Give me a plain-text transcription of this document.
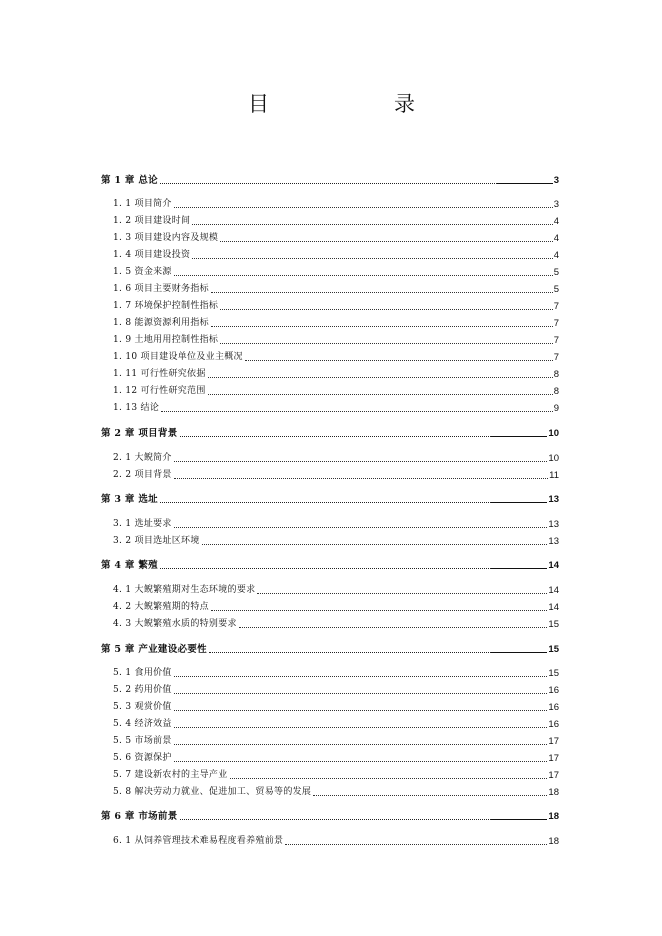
目	录
第 1 章 总论	3
1. 1 项目简介	3
1. 2 项目建设时间	4
1. 3 项目建设内容及规模	4
1. 4 项目建设投资	4
1. 5 资金来源	5
1. 6 项目主要财务指标	5
1. 7 环境保护控制性指标	7
1. 8 能源资源利用指标	7
1. 9 土地用用控制性指标	7
1. 10 项目建设单位及业主概况	7
1. 11 可行性研究依据	8
1. 12 可行性研究范围	8
1. 13 结论	9
第 2 章 项目背景	10
2. 1 大鲵简介	10
2. 2 项目背景	11
第 3 章 选址	13
3. 1 选址要求	13
3. 2 项目选址区环境	13
第 4 章 繁殖	14
4. 1 大鲵繁殖期对生态环境的要求	14
4. 2 大鲵繁殖期的特点	14
4. 3 大鲵繁殖水质的特别要求	15
第 5 章 产业建设必要性	15
5. 1 食用价值	15
5. 2 药用价值	16
5. 3 观赏价值	16
5. 4 经济效益	16
5. 5 市场前景	17
5. 6 资源保护	17
5. 7 建设新农村的主导产业	17
5. 8 解决劳动力就业、促进加工、贸易等的发展	18
第 6 章 市场前景	18
6. 1 从饲养管理技术难易程度看养殖前景	18
